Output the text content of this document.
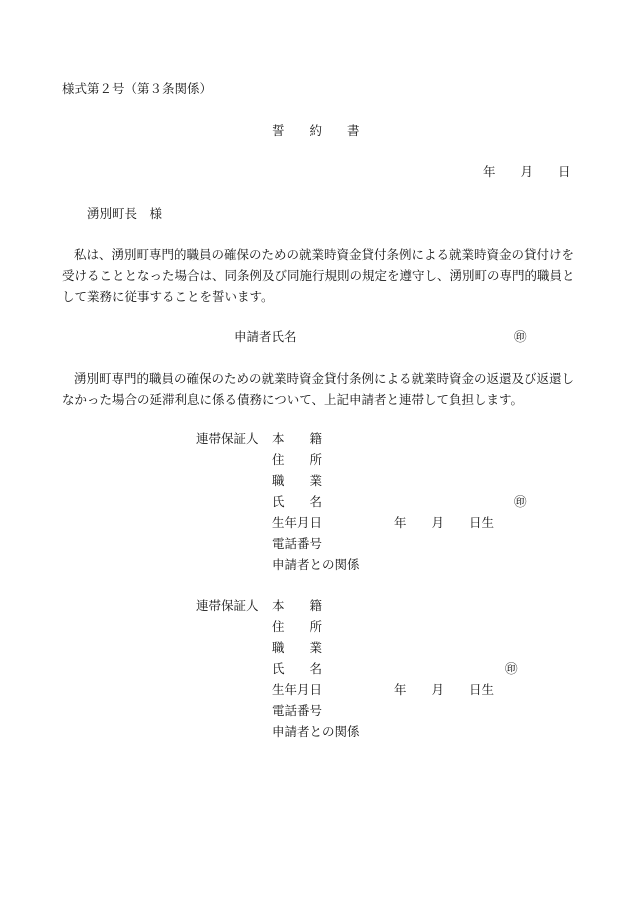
様式第２号（第３条関係）
誓　　約　　書
年　　月　　日
湧別町長　様
私は、湧別町専門的職員の確保のための就業時資金貸付条例による就業時資金の貸付けを
受けることとなった場合は、同条例及び同施行規則の規定を遵守し、湧別町の専門的職員と
して業務に従事することを誓います。
申請者氏名	㊞
湧別町専門的職員の確保のための就業時資金貸付条例による就業時資金の返還及び返還し
なかった場合の延滞利息に係る債務について、上記申請者と連帯して負担します。
連帯保証人 本　　籍
住　　所
職　　業
氏　　名	㊞
生年月日	年　　月　　日生
電話番号
申請者との関係
連帯保証人 本　　籍
住　　所
職　　業
氏　　名	㊞
生年月日	年　　月　　日生
電話番号
申請者との関係
